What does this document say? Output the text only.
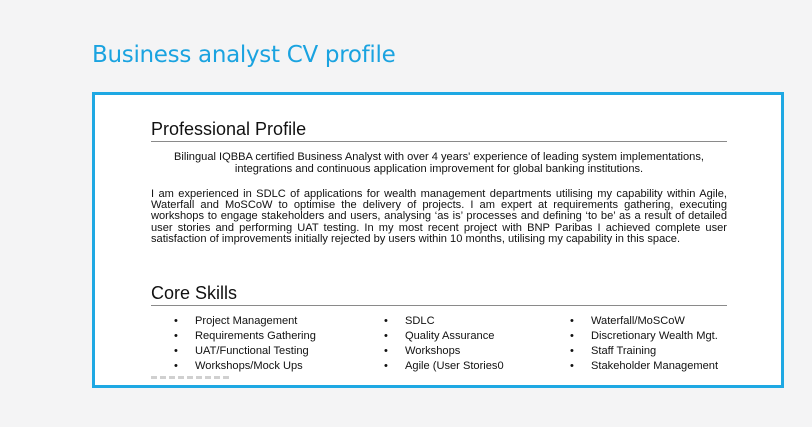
Business analyst CV profile
Professional Profile
Bilingual IQBBA certified Business Analyst with over 4 years' experience of leading system implementations,
integrations and continuous application improvement for global banking institutions.
I am experienced in SDLC of applications for wealth management departments utilising my capability within Agile, Waterfall and MoSCoW to optimise the delivery of projects. I am expert at requirements gathering, executing workshops to engage stakeholders and users, analysing ‘as is’ processes and defining ‘to be’ as a result of detailed user stories and performing UAT testing. In my most recent project with BNP Paribas I achieved complete user satisfaction of improvements initially rejected by users within 10 months, utilising my capability in this space.
Core Skills
• Project Management
• Requirements Gathering
• UAT/Functional Testing
• Workshops/Mock Ups
• SDLC
• Quality Assurance
• Workshops
• Agile (User Stories0
• Waterfall/MoSCoW
• Discretionary Wealth Mgt.
• Staff Training
• Stakeholder Management
